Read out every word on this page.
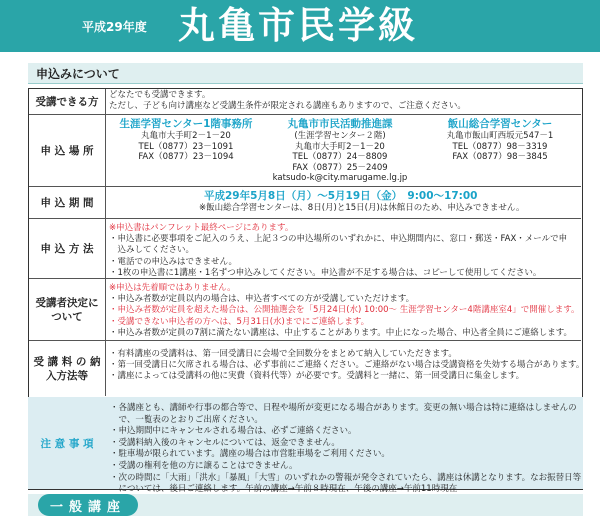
平成29年度 丸亀市民学級
申込みについて
受講できる方
どなたでも受講できます。
ただし、子ども向け講座など受講生条件が限定される講座もありますので、ご注意ください。
申 込 場 所
生涯学習センター1階事務所
丸亀市大手町2－1－20
TEL（0877）23－1091
FAX（0877）23－1094
丸亀市市民活動推進課
(生涯学習センター２階)
丸亀市大手町2－1－20
TEL（0877）24－8809
FAX（0877）25－2409
katsudo-k@city.marugame.lg.jp
飯山総合学習センター
丸亀市飯山町西坂元547－1
TEL（0877）98－3319
FAX（0877）98－3845
申 込 期 間
平成29年5月8日（月）～5月19日（金）　9:00～17:00
※飯山総合学習センターは、8日(月)と15日(月)は休館日のため、申込みできません。
申 込 方 法
※申込書はパンフレット最終ページにあります。
・申込書に必要事項をご記入のうえ、上記３つの申込場所のいずれかに、申込期間内に、窓口・郵送・FAX・メールで申
　込みしてください。
・電話での申込みはできません。
・1枚の申込書に1講座・1名ずつ申込みしてください。申込書が不足する場合は、コピーして使用してください。
受講者決定について
※申込は先着順ではありません。
・申込み者数が定員以内の場合は、申込者すべての方が受講していただけます。
・申込み者数が定員を超えた場合は、公開抽選会を「5月24日(水) 10:00～ 生涯学習センター4階講座室4」で開催します。
・受講できない申込者の方へは、5月31日(水)までにご連絡します。
・申込み者数が定員の7割に満たない講座は、中止することがあります。中止になった場合、申込者全員にご連絡します。
受 講 料 の 納入方法等
・有料講座の受講料は、第一回受講日に会場で全回数分をまとめて納入していただきます。
・第一回受講日に欠席される場合は、必ず事前にご連絡ください。ご連絡がない場合は受講資格を失効する場合があります。
・講座によっては受講料の他に実費（資料代等）が必要です。受講料と一緒に、第一回受講日に集金します。
注 意 事 項
・各講座とも、講師や行事の都合等で、日程や場所が変更になる場合があります。変更の無い場合は特に連絡はしませんの
　で、一覧表のとおりご出席ください。
・申込期間中にキャンセルされる場合は、必ずご連絡ください。
・受講料納入後のキャンセルについては、返金できません。
・駐車場が限られています。講座の場合は市営駐車場をご利用ください。
・受講の権利を他の方に譲ることはできません。
・次の時間に「大雨」「洪水」「暴風」「大雪」のいずれかの警報が発令されていたら、講座は休講となります。なお振替日等
　については、後日ご連絡します。午前の講座→午前８時現在、午後の講座→午前11時現在
一般講座
